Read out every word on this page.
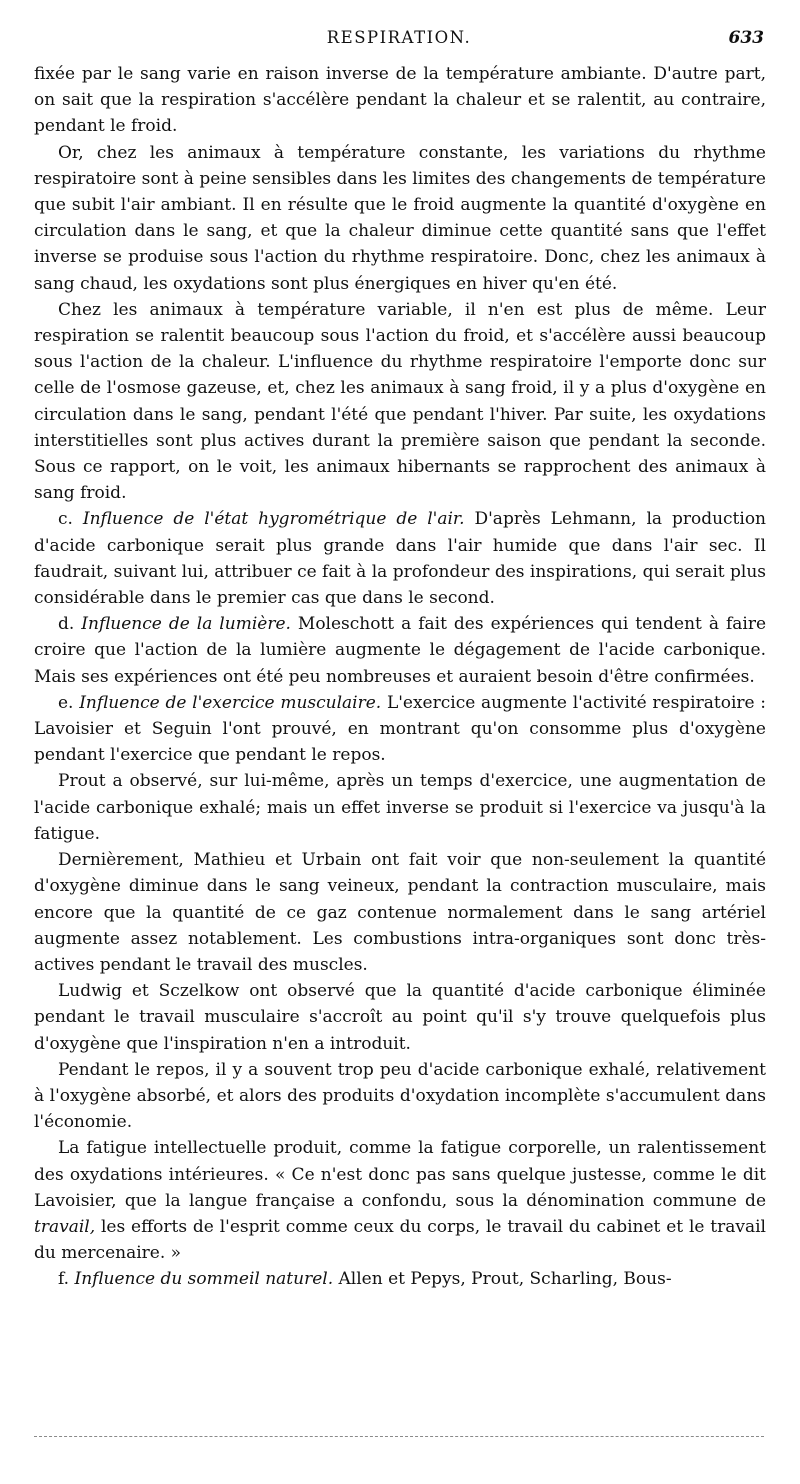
RESPIRATION.	633

fixée par le sang varie en raison inverse de la température ambiante. D'autre part, on sait que la respiration s'accélère pendant la chaleur et se ralentit, au contraire, pendant le froid.

Or, chez les animaux à température constante, les variations du rhythme respiratoire sont à peine sensibles dans les limites des changements de température que subit l'air ambiant. Il en résulte que le froid augmente la quantité d'oxygène en circulation dans le sang, et que la chaleur diminue cette quantité sans que l'effet inverse se produise sous l'action du rhythme respiratoire. Donc, chez les animaux à sang chaud, les oxydations sont plus énergiques en hiver qu'en été.

Chez les animaux à température variable, il n'en est plus de même. Leur respiration se ralentit beaucoup sous l'action du froid, et s'accélère aussi beaucoup sous l'action de la chaleur. L'influence du rhythme respiratoire l'emporte donc sur celle de l'osmose gazeuse, et, chez les animaux à sang froid, il y a plus d'oxygène en circulation dans le sang, pendant l'été que pendant l'hiver. Par suite, les oxydations interstitielles sont plus actives durant la première saison que pendant la seconde. Sous ce rapport, on le voit, les animaux hibernants se rapprochent des animaux à sang froid.

c. Influence de l'état hygrométrique de l'air. D'après Lehmann, la production d'acide carbonique serait plus grande dans l'air humide que dans l'air sec. Il faudrait, suivant lui, attribuer ce fait à la profondeur des inspirations, qui serait plus considérable dans le premier cas que dans le second.

d. Influence de la lumière. Moleschott a fait des expériences qui tendent à faire croire que l'action de la lumière augmente le dégagement de l'acide carbonique. Mais ses expériences ont été peu nombreuses et auraient besoin d'être confirmées.

e. Influence de l'exercice musculaire. L'exercice augmente l'activité respiratoire : Lavoisier et Seguin l'ont prouvé, en montrant qu'on consomme plus d'oxygène pendant l'exercice que pendant le repos.

Prout a observé, sur lui-même, après un temps d'exercice, une augmentation de l'acide carbonique exhalé; mais un effet inverse se produit si l'exercice va jusqu'à la fatigue.

Dernièrement, Mathieu et Urbain ont fait voir que non-seulement la quantité d'oxygène diminue dans le sang veineux, pendant la contraction musculaire, mais encore que la quantité de ce gaz contenue normalement dans le sang artériel augmente assez notablement. Les combustions intra-organiques sont donc très-actives pendant le travail des muscles.

Ludwig et Sczelkow ont observé que la quantité d'acide carbonique éliminée pendant le travail musculaire s'accroît au point qu'il s'y trouve quelquefois plus d'oxygène que l'inspiration n'en a introduit.

Pendant le repos, il y a souvent trop peu d'acide carbonique exhalé, relativement à l'oxygène absorbé, et alors des produits d'oxydation incomplète s'accumulent dans l'économie.

La fatigue intellectuelle produit, comme la fatigue corporelle, un ralentissement des oxydations intérieures. « Ce n'est donc pas sans quelque justesse, comme le dit Lavoisier, que la langue française a confondu, sous la dénomination commune de travail, les efforts de l'esprit comme ceux du corps, le travail du cabinet et le travail du mercenaire. »

f. Influence du sommeil naturel. Allen et Pepys, Prout, Scharling, Bous-
